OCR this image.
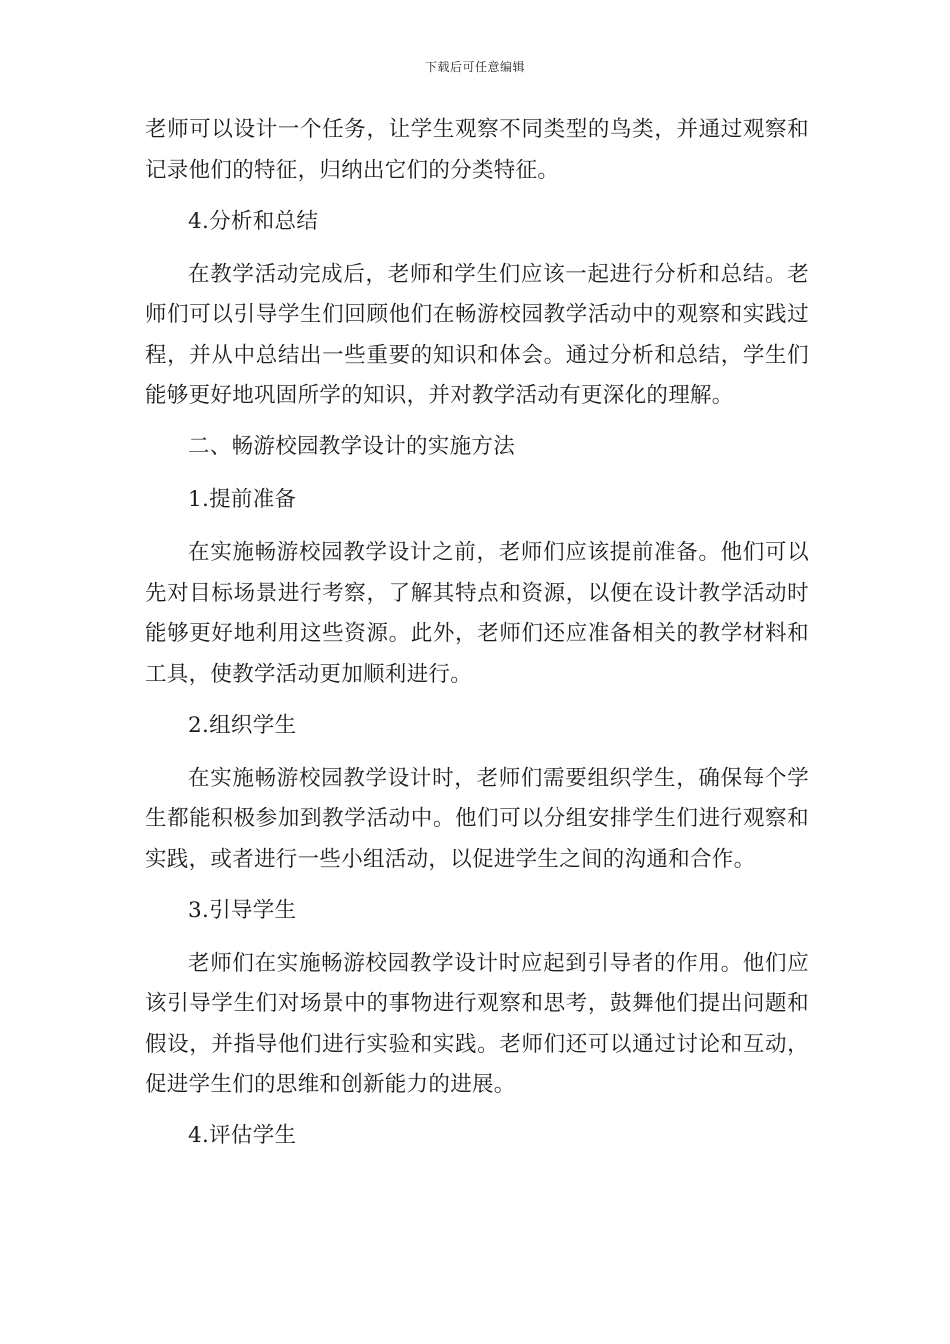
下载后可任意编辑

老师可以设计一个任务，让学生观察不同类型的鸟类，并通过观察和记录他们的特征，归纳出它们的分类特征。

4.分析和总结

在教学活动完成后，老师和学生们应该一起进行分析和总结。老师们可以引导学生们回顾他们在畅游校园教学活动中的观察和实践过程，并从中总结出一些重要的知识和体会。通过分析和总结，学生们能够更好地巩固所学的知识，并对教学活动有更深化的理解。

二、畅游校园教学设计的实施方法

1.提前准备

在实施畅游校园教学设计之前，老师们应该提前准备。他们可以先对目标场景进行考察，了解其特点和资源，以便在设计教学活动时能够更好地利用这些资源。此外，老师们还应准备相关的教学材料和工具，使教学活动更加顺利进行。

2.组织学生

在实施畅游校园教学设计时，老师们需要组织学生，确保每个学生都能积极参加到教学活动中。他们可以分组安排学生们进行观察和实践，或者进行一些小组活动，以促进学生之间的沟通和合作。

3.引导学生

老师们在实施畅游校园教学设计时应起到引导者的作用。他们应该引导学生们对场景中的事物进行观察和思考，鼓舞他们提出问题和假设，并指导他们进行实验和实践。老师们还可以通过讨论和互动，促进学生们的思维和创新能力的进展。

4.评估学生
